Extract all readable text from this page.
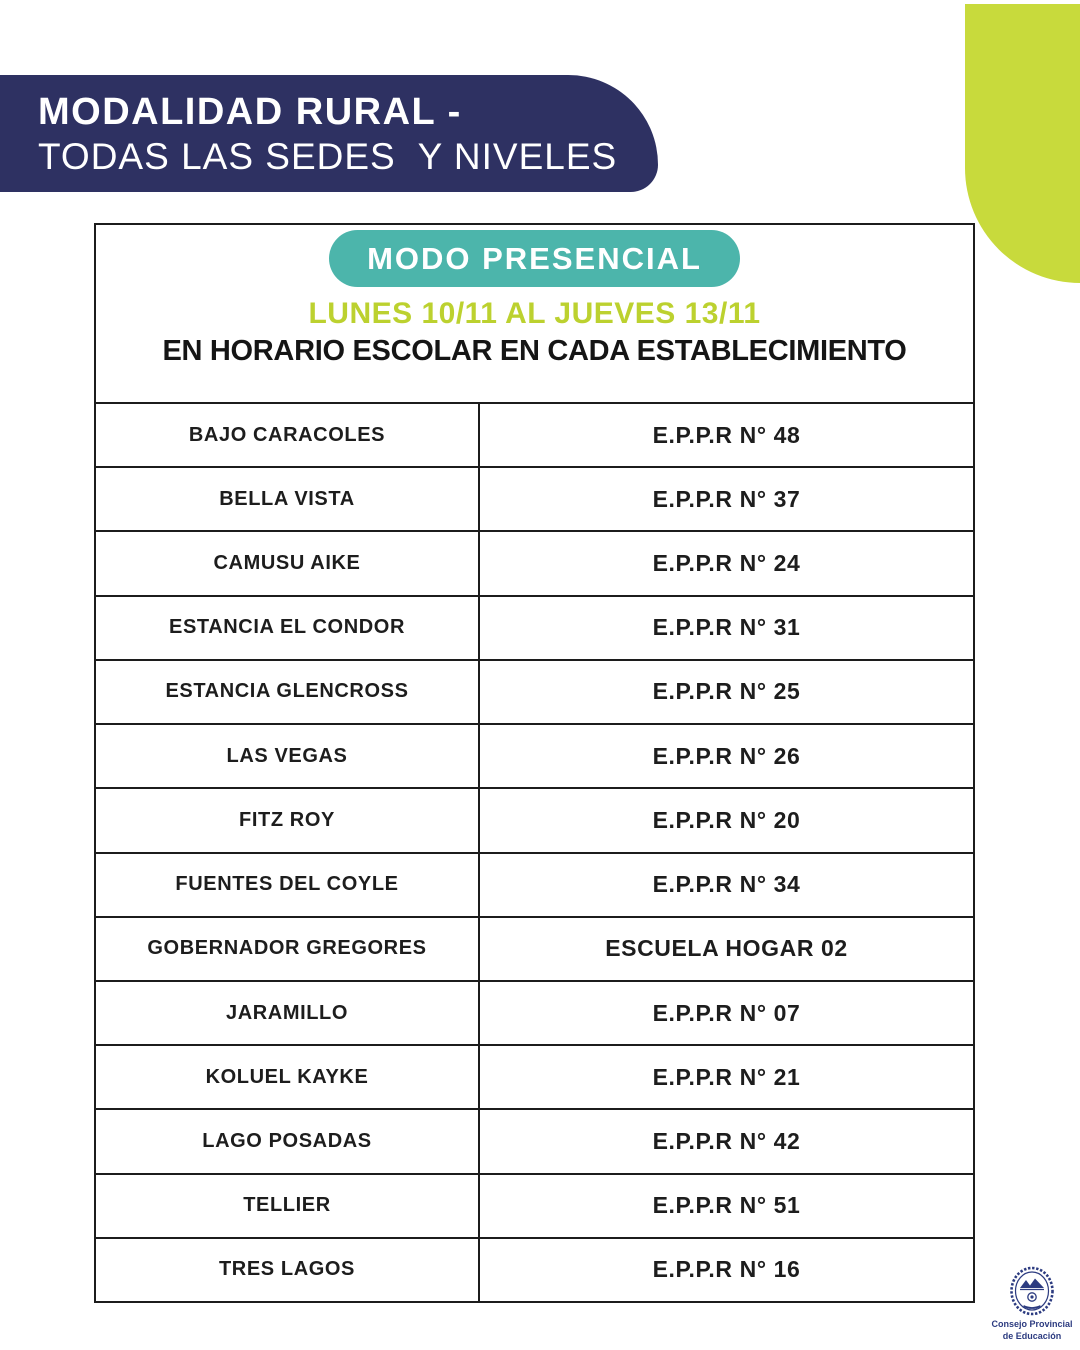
MODALIDAD RURAL -
TODAS LAS SEDES  Y NIVELES
MODO PRESENCIAL
LUNES 10/11 AL JUEVES 13/11
EN HORARIO ESCOLAR EN CADA ESTABLECIMIENTO
BAJO CARACOLES	E.P.P.R N° 48
BELLA VISTA	E.P.P.R N° 37
CAMUSU AIKE	E.P.P.R N° 24
ESTANCIA EL CONDOR	E.P.P.R N° 31
ESTANCIA GLENCROSS	E.P.P.R N° 25
LAS VEGAS	E.P.P.R N° 26
FITZ ROY	E.P.P.R N° 20
FUENTES DEL COYLE	E.P.P.R N° 34
GOBERNADOR GREGORES	ESCUELA HOGAR 02
JARAMILLO	E.P.P.R N° 07
KOLUEL KAYKE	E.P.P.R N° 21
LAGO POSADAS	E.P.P.R N° 42
TELLIER	E.P.P.R N° 51
TRES LAGOS	E.P.P.R N° 16
Consejo Provincial
de Educación
